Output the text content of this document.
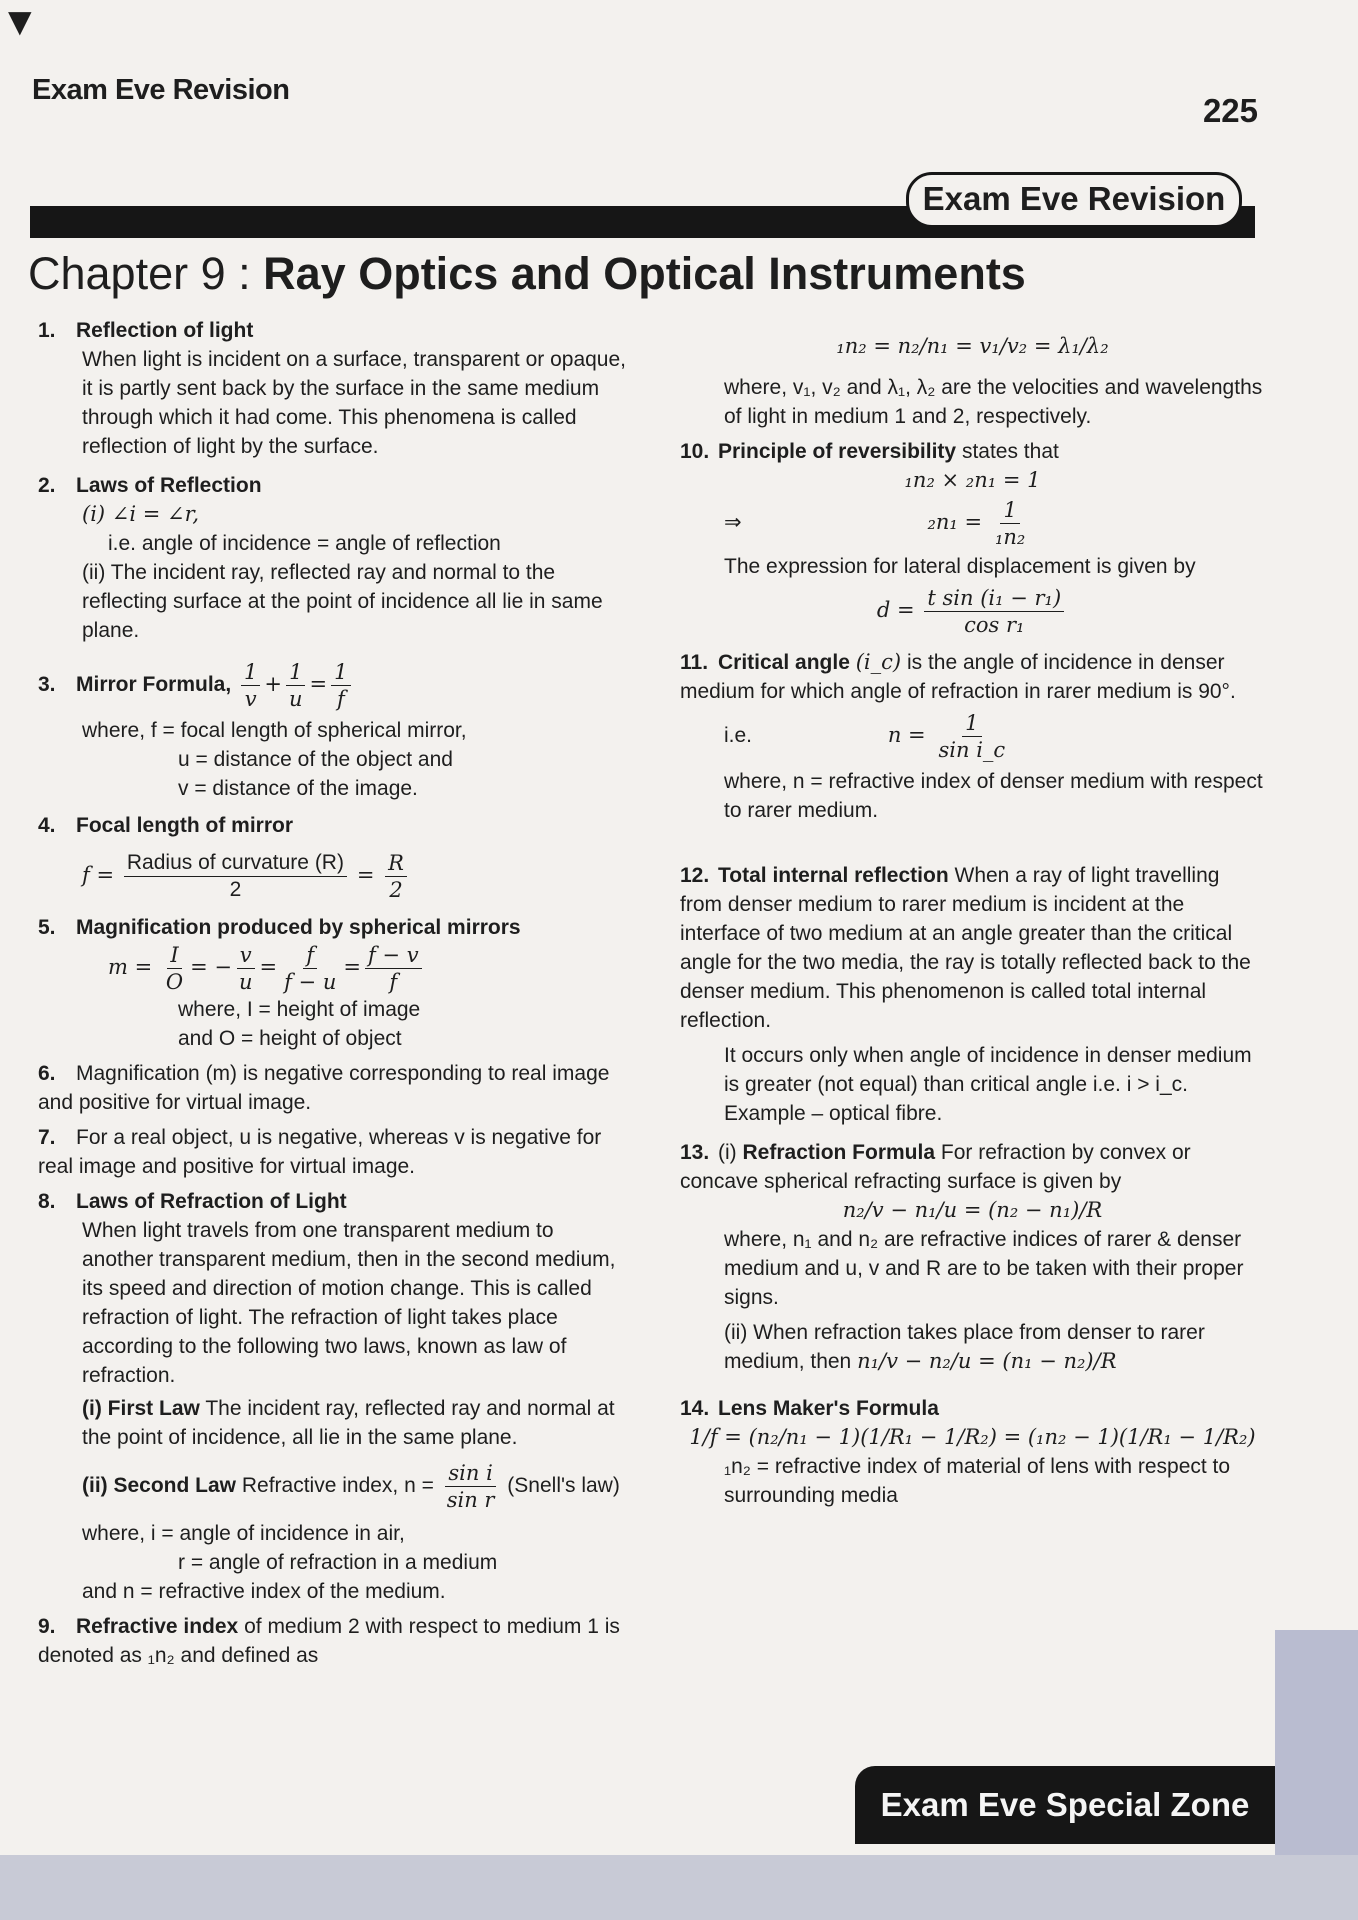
▼
Exam Eve Revision
225
Exam Eve Revision
Chapter 9 : Ray Optics and Optical Instruments

1. Reflection of light

When light is incident on a surface, transparent or opaque, it is partly sent back by the surface in the same medium through which it had come. This phenomena is called reflection of light by the surface.

2. Laws of Reflection

(i) ∠i = ∠r,

i.e. angle of incidence = angle of reflection

(ii) The incident ray, reflected ray and normal to the reflecting surface at the point of incidence all lie in same plane.

3. Mirror Formula, $\frac{1}{v} + \frac{1}{u} = \frac{1}{f}$

where, f = focal length of spherical mirror,

u = distance of the object and

v = distance of the image.

4. Focal length of mirror

$f = \frac{\text{Radius of curvature (R)}}{2} = \frac{R}{2}$

5. Magnification produced by spherical mirrors

$m = \frac{I}{O}$ = − $\frac{v}{u} = \frac{f}{f - u} = \frac{f - v}{f}$

where, I = height of image

and O = height of object

6. Magnification (m) is negative corresponding to real image and positive for virtual image.

7. For a real object, u is negative, whereas v is negative for real image and positive for virtual image.

8. Laws of Refraction of Light

When light travels from one transparent medium to another transparent medium, then in the second medium, its speed and direction of motion change. This is called refraction of light. The refraction of light takes place according to the following two laws, known as law of refraction.

(i) First Law The incident ray, reflected ray and normal at the point of incidence, all lie in the same plane.

(ii) Second Law Refractive index, $n = \frac{\text{sin i}}{\text{sin r}}$ (Snell's law)

where, i = angle of incidence in air,

r = angle of refraction in a medium

and n = refractive index of the medium.

9. Refractive index of medium 2 with respect to medium 1 is denoted as ₁n₂ and defined as

₁n₂ = n₂/n₁ = v₁/v₂ = λ₁/λ₂

where, v₁, v₂ and λ₁, λ₂ are the velocities and wavelengths of light in medium 1 and 2, respectively.

10. Principle of reversibility states that

₁n₂ × ₂n₁ = 1

⇒	$_2n_1 = \frac{1}{\text{₁n₂}}$

The expression for lateral displacement is given by

$d = \frac{\text{t sin (i₁ − r₁)}}{\text{cos r₁}}$

11. Critical angle (i_c) is the angle of incidence in denser medium for which angle of refraction in rarer medium is 90°.

i.e.	$n = \frac{1}{\text{sin i\_c}}$

where, n = refractive index of denser medium with respect to rarer medium.

12. Total internal reflection When a ray of light travelling from denser medium to rarer medium is incident at the interface of two medium at an angle greater than the critical angle for the two media, the ray is totally reflected back to the denser medium. This phenomenon is called total internal reflection.

It occurs only when angle of incidence in denser medium is greater (not equal) than critical angle i.e. i > i_c. Example – optical fibre.

13. (i) Refraction Formula For refraction by convex or concave spherical refracting surface is given by

n₂/v − n₁/u = (n₂ − n₁)/R

where, n₁ and n₂ are refractive indices of rarer & denser medium and u, v and R are to be taken with their proper signs.

(ii) When refraction takes place from denser to rarer medium, then n₁/v − n₂/u = (n₁ − n₂)/R

14. Lens Maker's Formula

1/f = (n₂/n₁ − 1)(1/R₁ − 1/R₂) = (₁n₂ − 1)(1/R₁ − 1/R₂)

₁n₂ = refractive index of material of lens with respect to surrounding media

Exam Eve Special Zone
